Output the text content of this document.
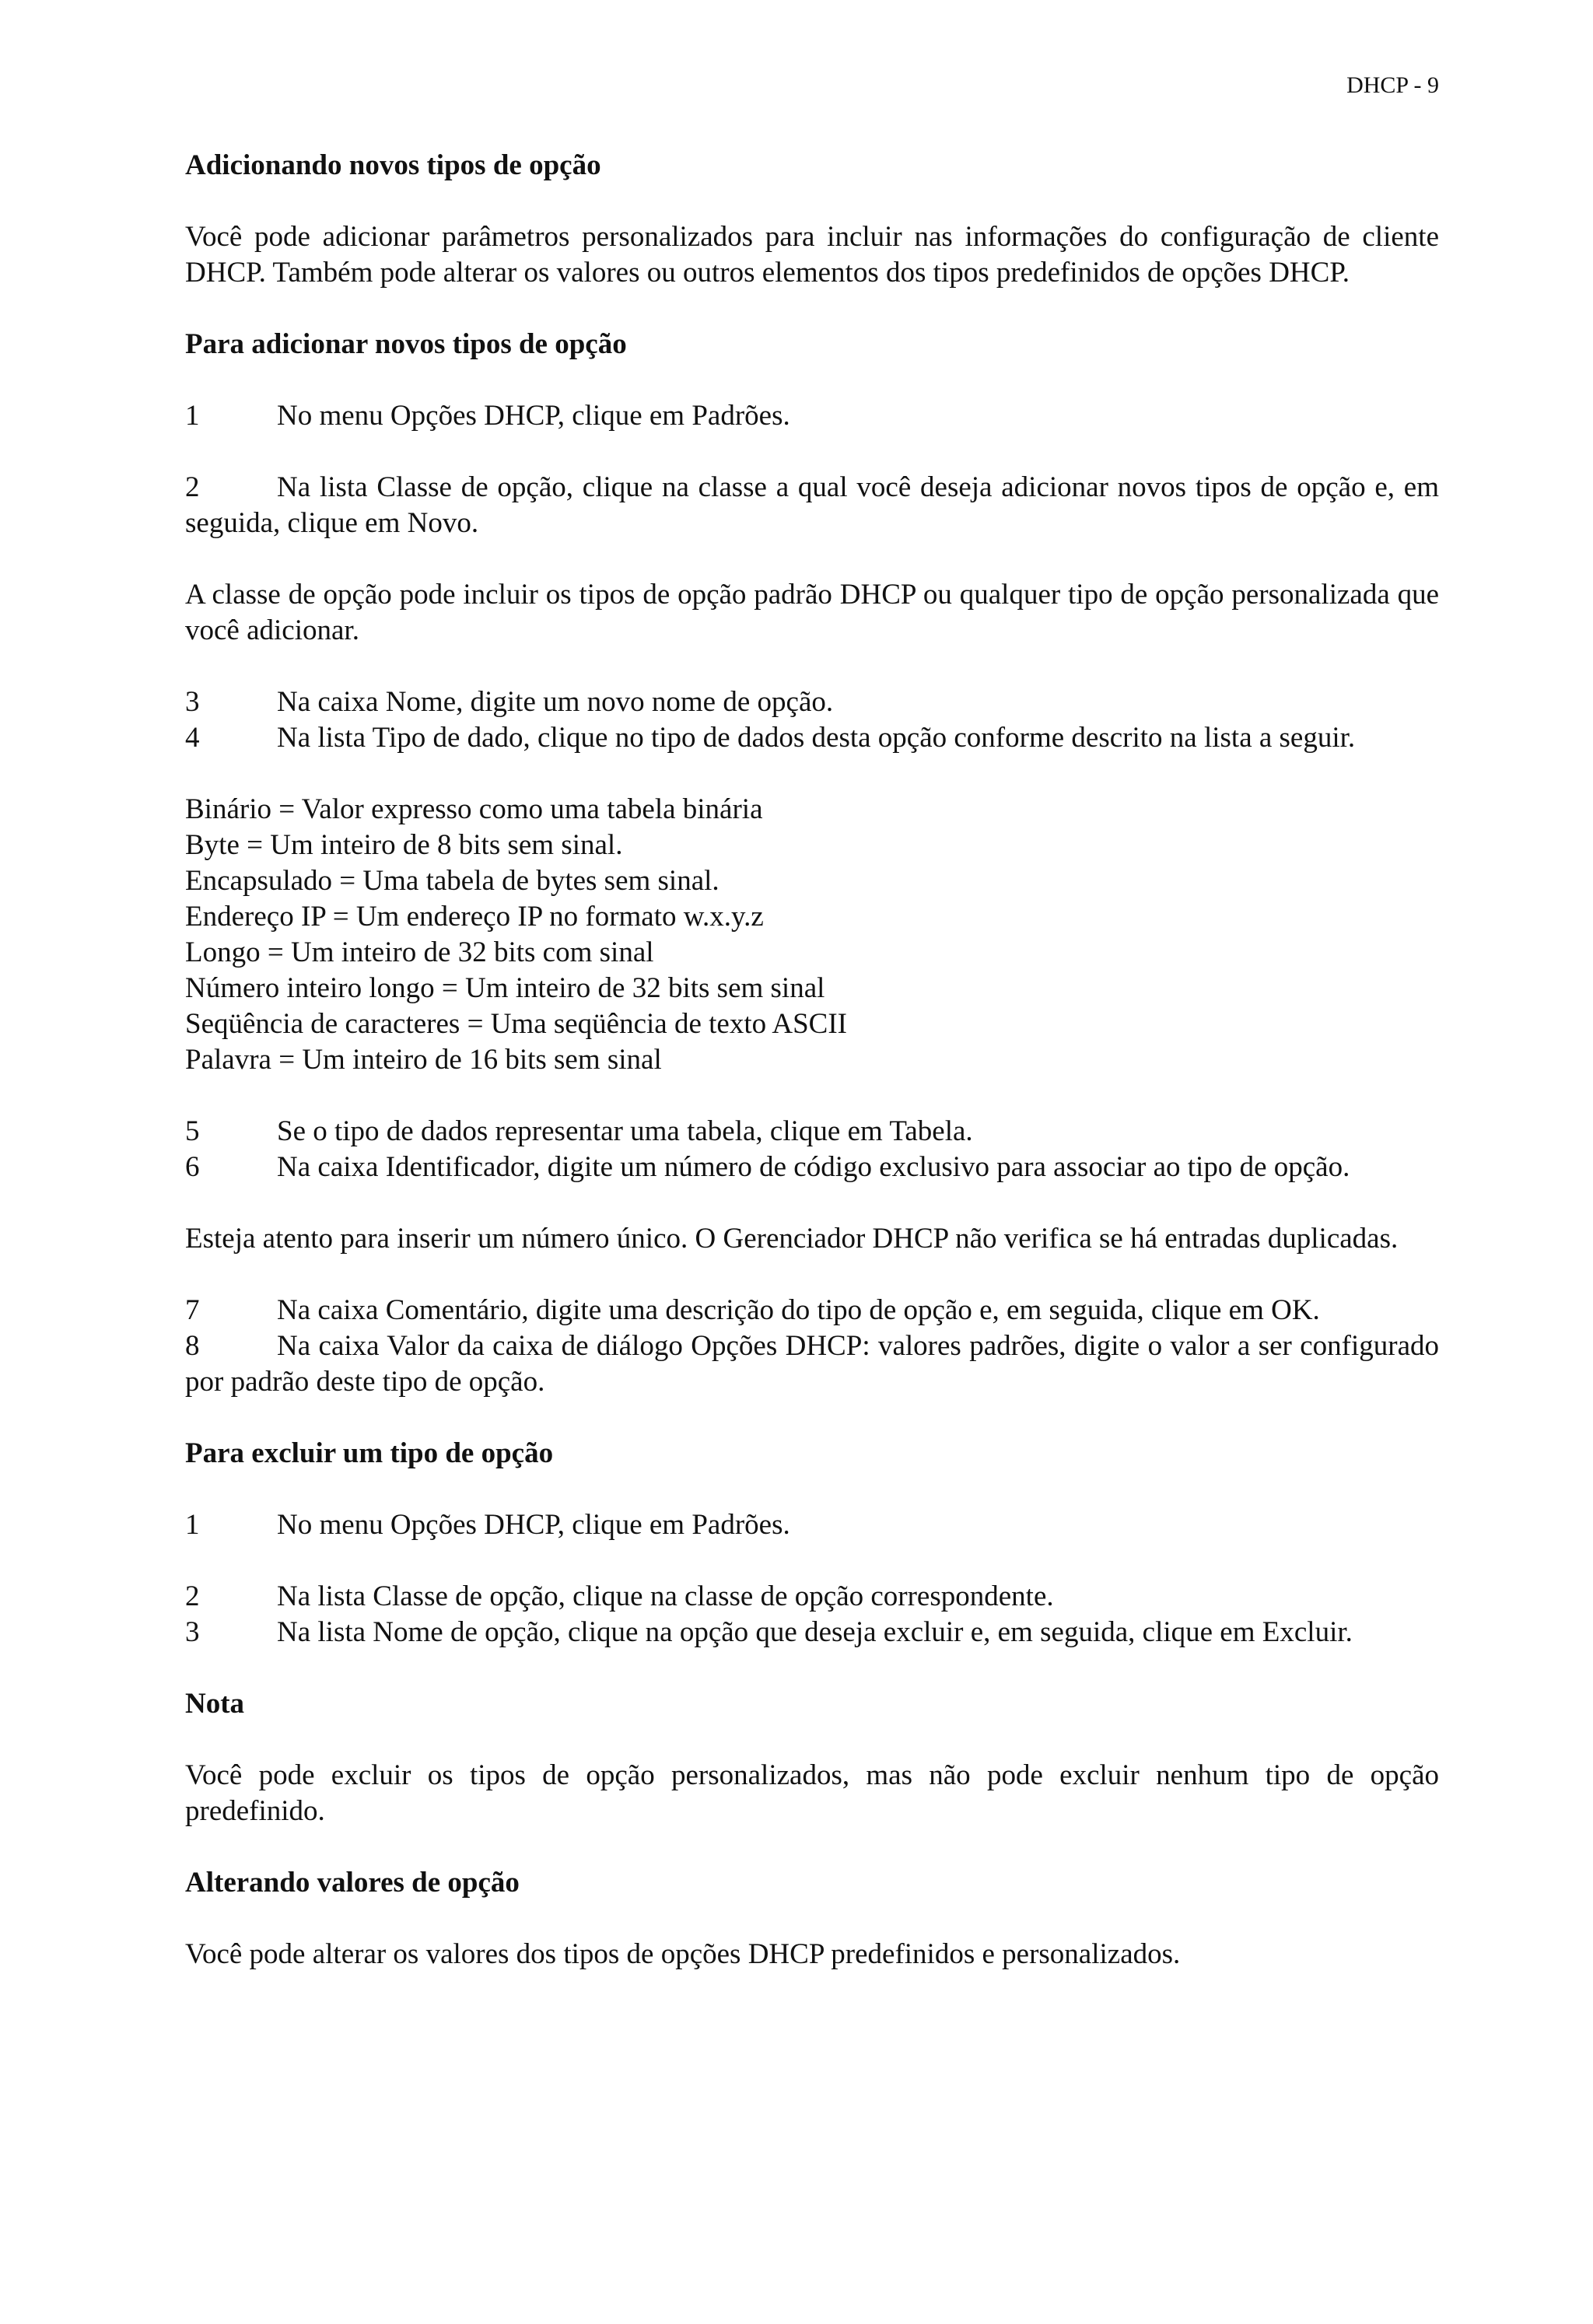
DHCP - 9

Adicionando novos tipos de opção

Você pode adicionar parâmetros personalizados para incluir nas informações do configuração de cliente DHCP. Também pode alterar os valores ou outros elementos dos tipos predefinidos de opções DHCP.

Para adicionar novos tipos de opção

1	No menu Opções DHCP, clique em Padrões.

2	Na lista Classe de opção, clique na classe a qual você deseja adicionar novos tipos de opção e, em seguida, clique em Novo.

A classe de opção pode incluir os tipos de opção padrão DHCP ou qualquer tipo de opção personalizada que você adicionar.

3	Na caixa Nome, digite um novo nome de opção.

4	Na lista Tipo de dado, clique no tipo de dados desta opção conforme descrito na lista a seguir.

Binário = Valor expresso como uma tabela binária

Byte = Um inteiro de 8 bits sem sinal.

Encapsulado = Uma tabela de bytes sem sinal.

Endereço IP = Um endereço IP no formato w.x.y.z

Longo = Um inteiro de 32 bits com sinal

Número inteiro longo = Um inteiro de 32 bits sem sinal

Seqüência de caracteres = Uma seqüência de texto ASCII

Palavra = Um inteiro de 16 bits sem sinal

5	Se o tipo de dados representar uma tabela, clique em Tabela.

6	Na caixa Identificador, digite um número de código exclusivo para associar ao tipo de opção.

Esteja atento para inserir um número único. O Gerenciador DHCP não verifica se há entradas duplicadas.

7	Na caixa Comentário, digite uma descrição do tipo de opção e, em seguida, clique em OK.

8	Na caixa Valor da caixa de diálogo Opções DHCP: valores padrões, digite o valor a ser configurado por padrão deste tipo de opção.

Para excluir um tipo de opção

1	No menu Opções DHCP, clique em Padrões.

2	Na lista Classe de opção, clique na classe de opção correspondente.

3	Na lista Nome de opção, clique na opção que deseja excluir e, em seguida, clique em Excluir.

Nota

Você pode excluir os tipos de opção personalizados, mas não pode excluir nenhum tipo de opção predefinido.

Alterando valores de opção

Você pode alterar os valores dos tipos de opções DHCP predefinidos e personalizados.
